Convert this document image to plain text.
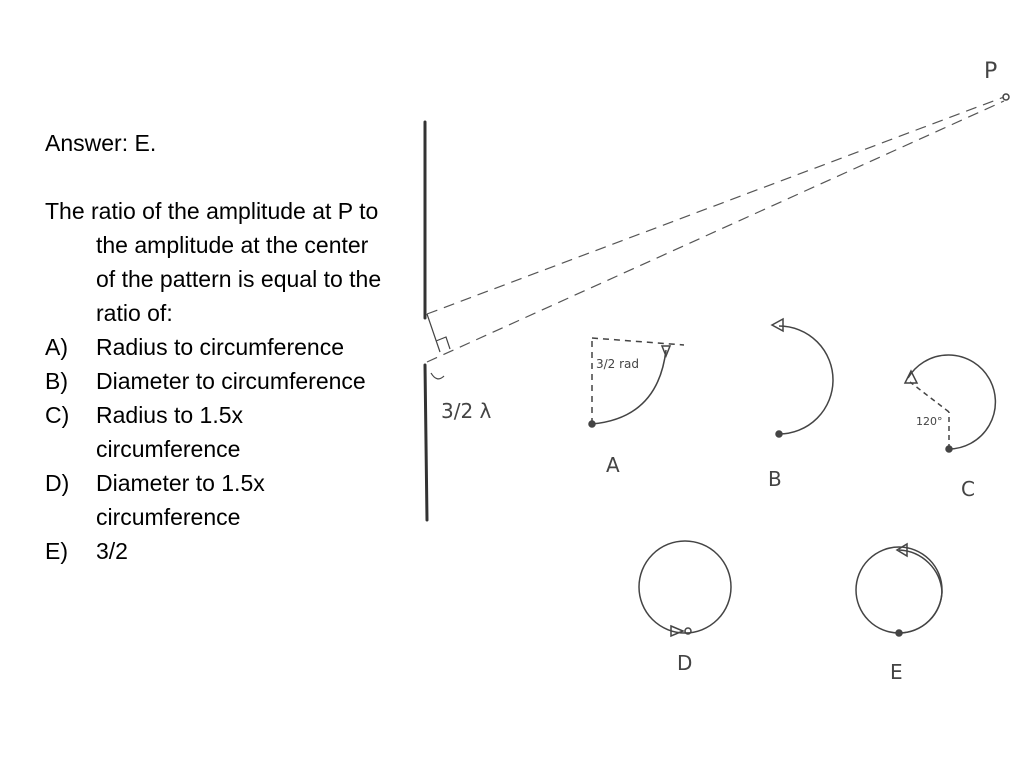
Answer: E.

The ratio of the amplitude at P to the amplitude at the center of the pattern is equal to the ratio of:

A) Radius to circumference
B) Diameter to circumference
C) Radius to 1.5x circumference
D) Diameter to 1.5x circumference
E) 3/2
P
3/2 λ
3/2 rad
A
B
120°
C
D	E
